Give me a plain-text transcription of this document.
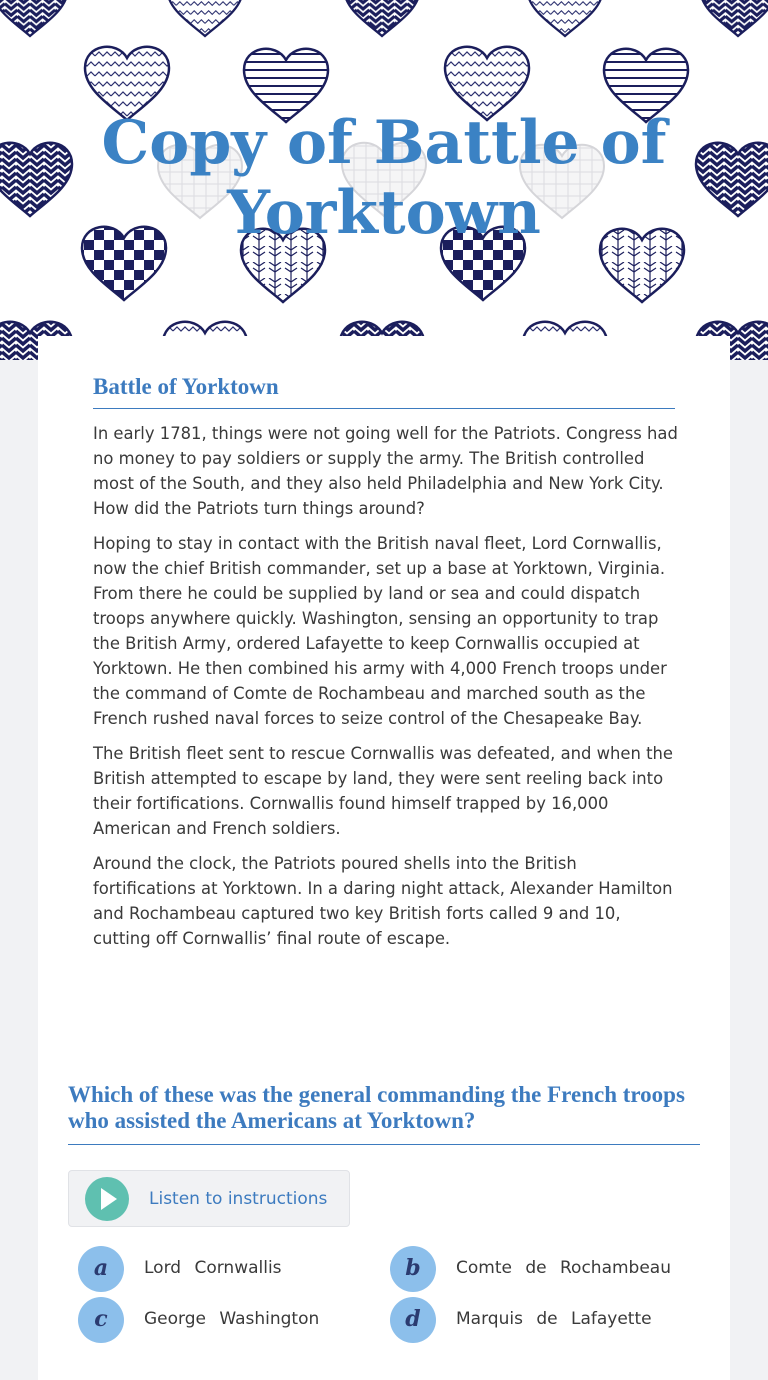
Copy of Battle of Yorktown
Battle of Yorktown

In early 1781, things were not going well for the Patriots. Congress had no money to pay soldiers or supply the army. The British controlled most of the South, and they also held Philadelphia and New York City. How did the Patriots turn things around?

Hoping to stay in contact with the British naval fleet, Lord Cornwallis, now the chief British commander, set up a base at Yorktown, Virginia. From there he could be supplied by land or sea and could dispatch troops anywhere quickly. Washington, sensing an opportunity to trap the British Army, ordered Lafayette to keep Cornwallis occupied at Yorktown. He then combined his army with 4,000 French troops under the command of Comte de Rochambeau and marched south as the French rushed naval forces to seize control of the Chesapeake Bay.

The British fleet sent to rescue Cornwallis was defeated, and when the British attempted to escape by land, they were sent reeling back into their fortifications. Cornwallis found himself trapped by 16,000 American and French soldiers.

Around the clock, the Patriots poured shells into the British fortifications at Yorktown. In a daring night attack, Alexander Hamilton and Rochambeau captured two key British forts called 9 and 10, cutting off Cornwallis’ final route of escape.

Which of these was the general commanding the French troops who assisted the Americans at Yorktown?
Listen to instructions
a	Lord Cornwallis	b	Comte de Rochambeau
c	George Washington	d	Marquis de Lafayette
